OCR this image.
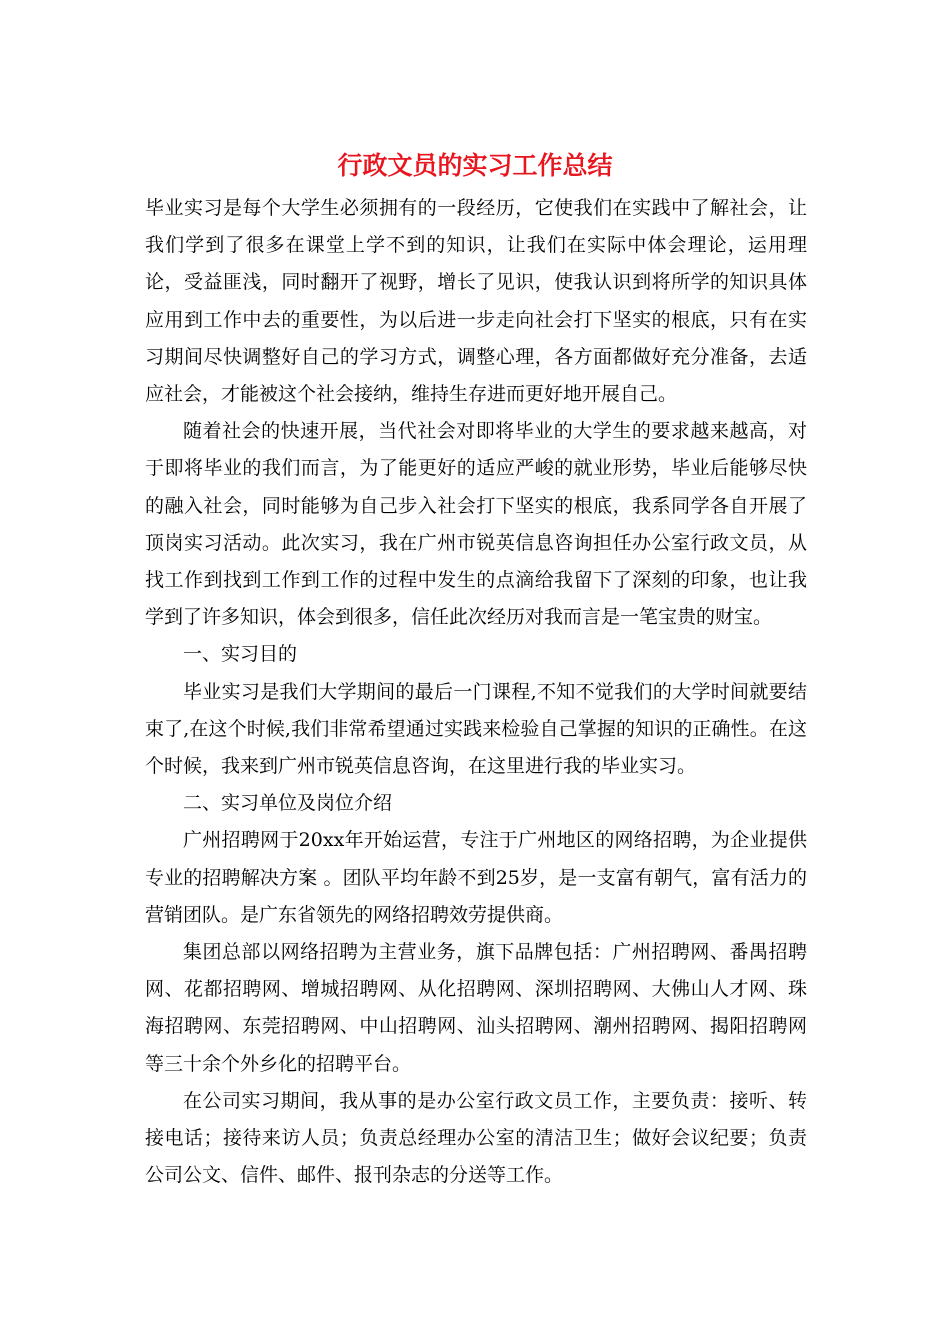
行政文员的实习工作总结

毕业实习是每个大学生必须拥有的一段经历，它使我们在实践中了解社会，让我们学到了很多在课堂上学不到的知识，让我们在实际中体会理论，运用理论，受益匪浅，同时翻开了视野，增长了见识，使我认识到将所学的知识具体应用到工作中去的重要性，为以后进一步走向社会打下坚实的根底，只有在实习期间尽快调整好自己的学习方式，调整心理，各方面都做好充分准备，去适应社会，才能被这个社会接纳，维持生存进而更好地开展自己。

随着社会的快速开展，当代社会对即将毕业的大学生的要求越来越高，对于即将毕业的我们而言，为了能更好的适应严峻的就业形势，毕业后能够尽快的融入社会，同时能够为自己步入社会打下坚实的根底，我系同学各自开展了顶岗实习活动。此次实习，我在广州市锐英信息咨询担任办公室行政文员，从找工作到找到工作到工作的过程中发生的点滴给我留下了深刻的印象，也让我学到了许多知识，体会到很多，信任此次经历对我而言是一笔宝贵的财宝。

一、实习目的

毕业实习是我们大学期间的最后一门课程,不知不觉我们的大学时间就要结束了,在这个时候,我们非常希望通过实践来检验自己掌握的知识的正确性。在这个时候，我来到广州市锐英信息咨询，在这里进行我的毕业实习。

二、实习单位及岗位介绍

广州招聘网于20xx年开始运营，专注于广州地区的网络招聘，为企业提供专业的招聘解决方案 。团队平均年龄不到25岁，是一支富有朝气，富有活力的营销团队。是广东省领先的网络招聘效劳提供商。

集团总部以网络招聘为主营业务，旗下品牌包括：广州招聘网、番禺招聘网、花都招聘网、增城招聘网、从化招聘网、深圳招聘网、大佛山人才网、珠海招聘网、东莞招聘网、中山招聘网、汕头招聘网、潮州招聘网、揭阳招聘网等三十余个外乡化的招聘平台。

在公司实习期间，我从事的是办公室行政文员工作，主要负责：接听、转接电话；接待来访人员；负责总经理办公室的清洁卫生；做好会议纪要；负责公司公文、信件、邮件、报刊杂志的分送等工作。
